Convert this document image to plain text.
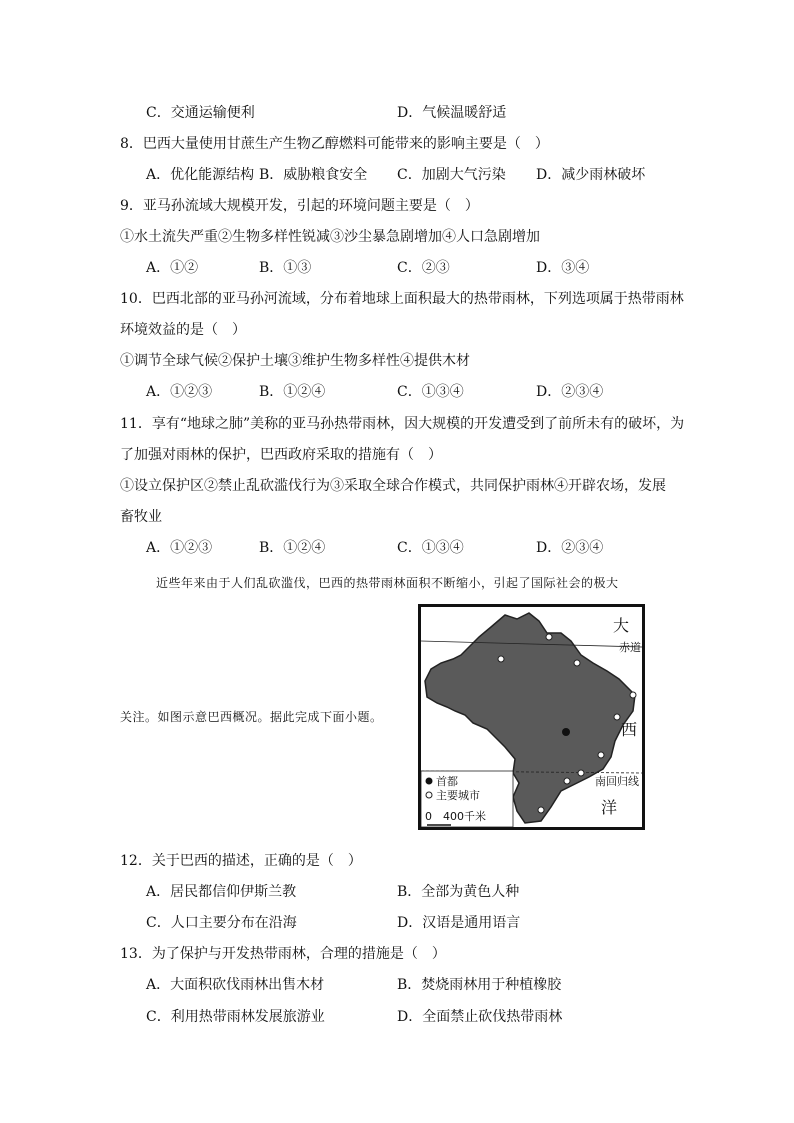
C．交通运输便利	D．气候温暖舒适
8．巴西大量使用甘蔗生产生物乙醇燃料可能带来的影响主要是（　）
A．优化能源结构 B．威胁粮食安全 C．加剧大气污染 D．减少雨林破坏
9．亚马孙流域大规模开发，引起的环境问题主要是（　）
①水土流失严重②生物多样性锐减③沙尘暴急剧增加④人口急剧增加
A．①②	B．①③	C．②③	D．③④
10．巴西北部的亚马孙河流域，分布着地球上面积最大的热带雨林，下列选项属于热带雨林
环境效益的是（　）
①调节全球气候②保护土壤③维护生物多样性④提供木材
A．①②③	B．①②④	C．①③④	D．②③④
11．享有“地球之肺”美称的亚马孙热带雨林，因大规模的开发遭受到了前所未有的破坏，为
了加强对雨林的保护，巴西政府采取的措施有（　）
①设立保护区②禁止乱砍滥伐行为③采取全球合作模式，共同保护雨林④开辟农场，发展
畜牧业
A．①②③	B．①②④	C．①③④	D．②③④
近些年来由于人们乱砍滥伐，巴西的热带雨林面积不断缩小，引起了国际社会的极大
关注。如图示意巴西概况。据此完成下面小题。
大
赤道
西
南回归线
洋
首都
主要城市
0　400千米
12．关于巴西的描述，正确的是（　）
A．居民都信仰伊斯兰教	B．全部为黄色人种
C．人口主要分布在沿海	D．汉语是通用语言
13．为了保护与开发热带雨林，合理的措施是（　）
A．大面积砍伐雨林出售木材	B．焚烧雨林用于种植橡胶
C．利用热带雨林发展旅游业	D．全面禁止砍伐热带雨林
